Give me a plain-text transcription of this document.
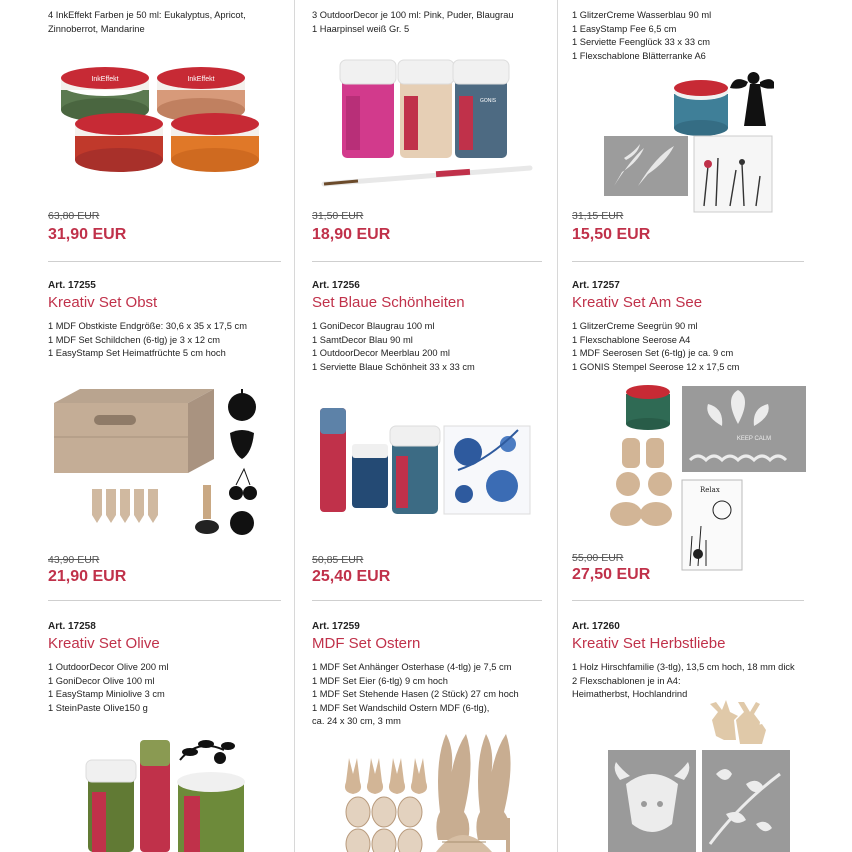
4 InkEffekt Farben je 50 ml: Eukalyptus, Apricot,
Zinnoberrot, Mandarine
InkEffekt	InkEffekt
63,80 EUR
31,90 EUR
3 OutdoorDecor je 100 ml: Pink, Puder, Blaugrau
1 Haarpinsel weiß Gr. 5
GONIS
31,50 EUR
18,90 EUR
1 GlitzerCreme Wasserblau 90 ml
1 EasyStamp Fee 6,5 cm
1 Serviette Feenglück 33 x 33 cm
1 Flexschablone Blätterranke A6
31,15 EUR
15,50 EUR
Art. 17255
Kreativ Set Obst
1 MDF Obstkiste Endgröße: 30,6 x 35 x 17,5 cm
1 MDF Set Schildchen (6-tlg) je 3 x 12 cm
1 EasyStamp Set Heimatfrüchte 5 cm hoch
43,90 EUR
21,90 EUR
Art. 17256
Set Blaue Schönheiten
1 GoniDecor Blaugrau 100 ml
1 SamtDecor Blau 90 ml
1 OutdoorDecor Meerblau 200 ml
1 Serviette Blaue Schönheit 33 x 33 cm
50,85 EUR
25,40 EUR
Art. 17257
Kreativ Set Am See
1 GlitzerCreme Seegrün 90 ml
1 Flexschablone Seerose A4
1 MDF Seerosen Set (6-tlg) je ca. 9 cm
1 GONIS Stempel Seerose 12 x 17,5 cm
KEEP CALM
Relax
55,00 EUR
27,50 EUR
Art. 17258
Kreativ Set Olive
1 OutdoorDecor Olive 200 ml
1 GoniDecor Olive 100 ml
1 EasyStamp Miniolive 3 cm
1 SteinPaste Olive150 g
Art. 17259
MDF Set Ostern
1 MDF Set Anhänger Osterhase (4-tlg) je 7,5 cm
1 MDF Set Eier (6-tlg) 9 cm hoch
1 MDF Set Stehende Hasen (2 Stück) 27 cm hoch
1 MDF Set Wandschild Ostern MDF (6-tlg),
ca. 24 x 30 cm, 3 mm
Art. 17260
Kreativ Set Herbstliebe
1 Holz Hirschfamilie (3-tlg), 13,5 cm hoch, 18 mm dick
2 Flexschablonen je in A4:
Heimatherbst, Hochlandrind
